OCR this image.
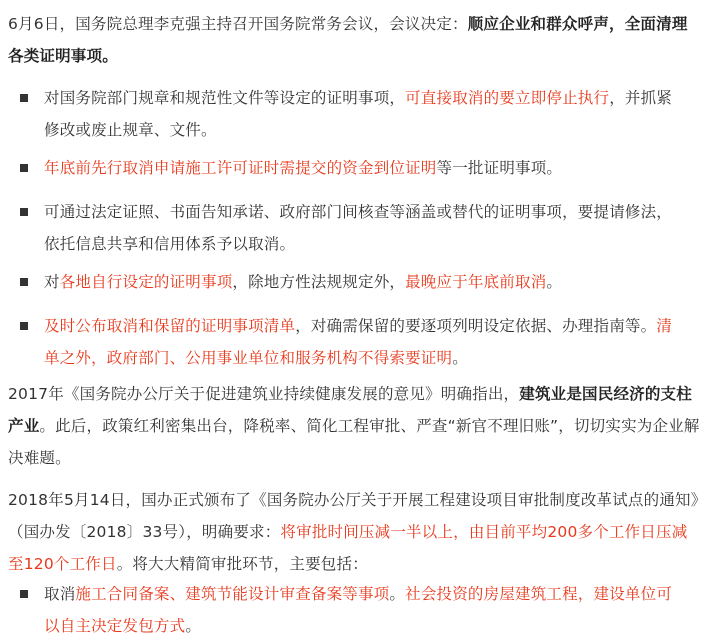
6月6日，国务院总理李克强主持召开国务院常务会议，会议决定：顺应企业和群众呼声，全面清理各类证明事项。
对国务院部门规章和规范性文件等设定的证明事项，可直接取消的要立即停止执行，并抓紧修改或废止规章、文件。
年底前先行取消申请施工许可证时需提交的资金到位证明等一批证明事项。
可通过法定证照、书面告知承诺、政府部门间核查等涵盖或替代的证明事项，要提请修法，依托信息共享和信用体系予以取消。
对各地自行设定的证明事项，除地方性法规规定外，最晚应于年底前取消。
及时公布取消和保留的证明事项清单，对确需保留的要逐项列明设定依据、办理指南等。清单之外，政府部门、公用事业单位和服务机构不得索要证明。
2017年《国务院办公厅关于促进建筑业持续健康发展的意见》明确指出，建筑业是国民经济的支柱产业。此后，政策红利密集出台，降税率、简化工程审批、严查“新官不理旧账”，切切实实为企业解决难题。
2018年5月14日，国办正式颁布了《国务院办公厅关于开展工程建设项目审批制度改革试点的通知》（国办发〔2018〕33号），明确要求：将审批时间压减一半以上，由目前平均200多个工作日压减至120个工作日。将大大精简审批环节，主要包括：
取消施工合同备案、建筑节能设计审查备案等事项。社会投资的房屋建筑工程，建设单位可以自主决定发包方式。
